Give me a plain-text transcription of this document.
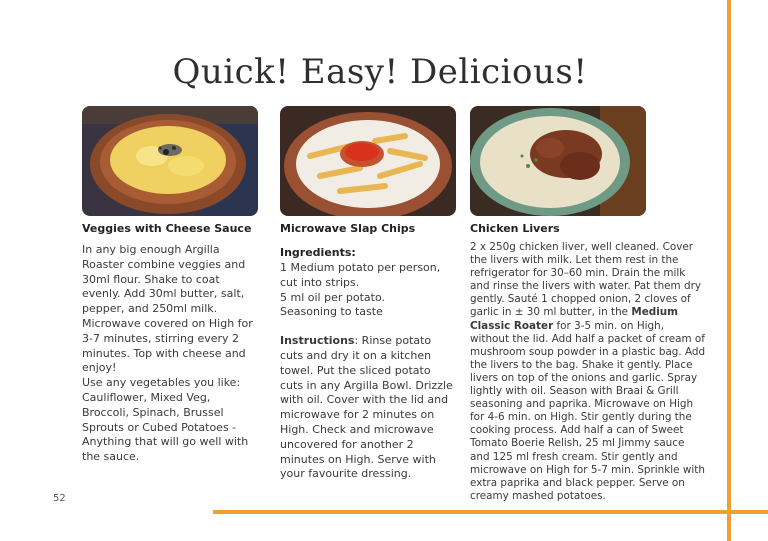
Quick! Easy! Delicious!

Veggies with Cheese Sauce

In any big enough Argilla Roaster combine veggies and 30ml flour. Shake to coat evenly. Add 30ml butter, salt, pepper, and 250ml milk. Microwave covered on High for 3-7 minutes, stirring every 2 minutes. Top with cheese and enjoy!

Use any vegetables you like: Cauliflower, Mixed Veg, Broccoli, Spinach, Brussel Sprouts or Cubed Potatoes - Anything that will go well with the sauce.

Microwave Slap Chips

Ingredients:

1 Medium potato per person, cut into strips.

5 ml oil per potato.

Seasoning to taste

Instructions: Rinse potato cuts and dry it on a kitchen towel. Put the sliced potato cuts in any Argilla Bowl. Drizzle with oil. Cover with the lid and microwave for 2 minutes on High. Check and microwave uncovered for another 2 minutes on High. Serve with your favourite dressing.

Chicken Livers

2 x 250g chicken liver, well cleaned. Cover the livers with milk. Let them rest in the refrigerator for 30–60 min. Drain the milk and rinse the livers with water. Pat them dry gently. Sauté 1 chopped onion, 2 cloves of garlic in ± 30 ml butter, in the Medium Classic Roater for 3-5 min. on High, without the lid. Add half a packet of cream of mushroom soup powder in a plastic bag. Add the livers to the bag. Shake it gently. Place livers on top of the onions and garlic. Spray lightly with oil. Season with Braai & Grill seasoning and paprika. Microwave on High for 4-6 min. on High. Stir gently during the cooking process. Add half a can of Sweet Tomato Boerie Relish, 25 ml Jimmy sauce and 125 ml fresh cream. Stir gently and microwave on High for 5-7 min. Sprinkle with extra paprika and black pepper. Serve on creamy mashed potatoes.

52
